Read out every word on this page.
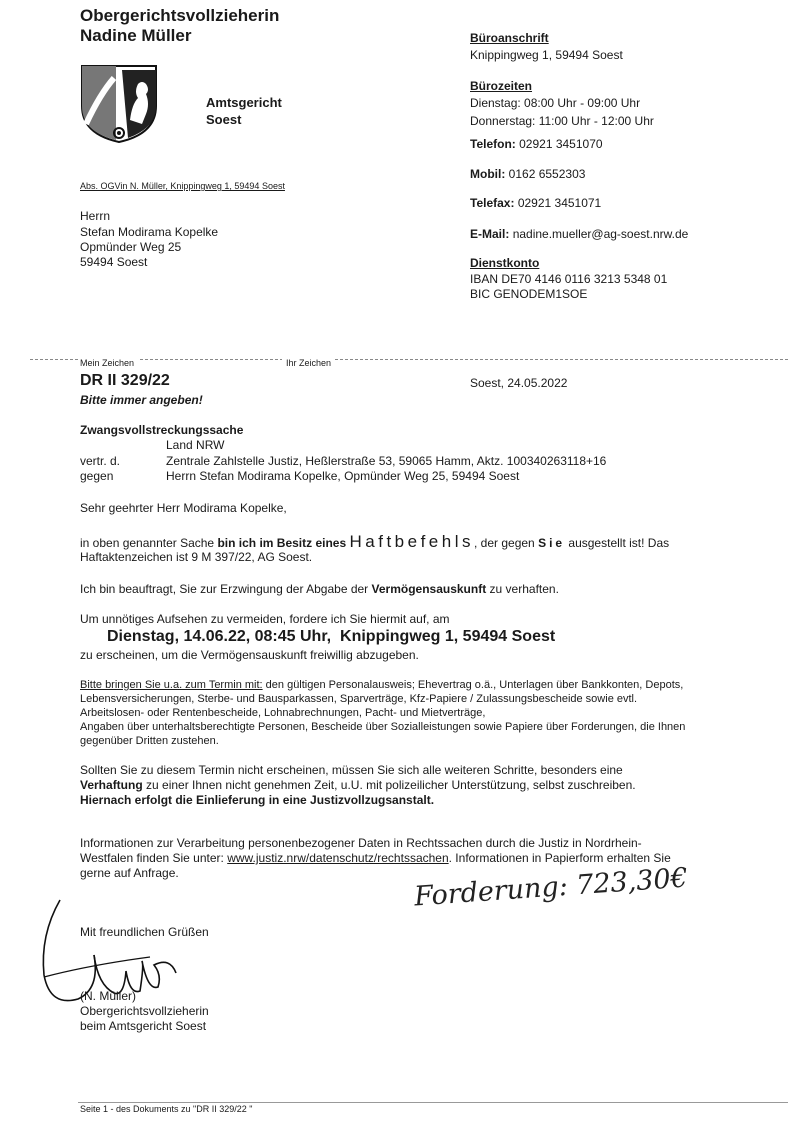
Obergerichtsvollzieherin
Nadine Müller
Amtsgericht
Soest
Büroanschrift
Knippingweg 1, 59494 Soest
Bürozeiten
Dienstag: 08:00 Uhr - 09:00 Uhr
Donnerstag: 11:00 Uhr - 12:00 Uhr
Telefon: 02921 3451070
Mobil: 0162 6552303
Telefax: 02921 3451071
E-Mail: nadine.mueller@ag-soest.nrw.de
Dienstkonto
IBAN DE70 4146 0116 3213 5348 01
BIC GENODEM1SOE
Abs. OGVin N. Müller, Knippingweg 1, 59494 Soest
Herrn
Stefan Modirama Kopelke
Opmünder Weg 25
59494 Soest
Mein Zeichen	Ihr Zeichen
DR II 329/22
Bitte immer angeben!
Soest, 24.05.2022
Zwangsvollstreckungssache
Land NRW
vertr. d.	Zentrale Zahlstelle Justiz, Heßlerstraße 53, 59065 Hamm, Aktz. 100340263118+16
gegen	Herrn Stefan Modirama Kopelke, Opmünder Weg 25, 59494 Soest
Sehr geehrter Herr Modirama Kopelke,
in oben genannter Sache bin ich im Besitz eines Haftbefehls, der gegen Sie ausgestellt ist! Das
Haftaktenzeichen ist 9 M 397/22, AG Soest.
Ich bin beauftragt, Sie zur Erzwingung der Abgabe der Vermögensauskunft zu verhaften.
Um unnötiges Aufsehen zu vermeiden, fordere ich Sie hiermit auf, am
Dienstag, 14.06.22, 08:45 Uhr, Knippingweg 1, 59494 Soest
zu erscheinen, um die Vermögensauskunft freiwillig abzugeben.
Bitte bringen Sie u.a. zum Termin mit: den gültigen Personalausweis; Ehevertrag o.ä., Unterlagen über Bankkonten, Depots,
Lebensversicherungen, Sterbe- und Bausparkassen, Sparverträge, Kfz-Papiere / Zulassungsbescheide sowie evtl.
Arbeitslosen- oder Rentenbescheide, Lohnabrechnungen, Pacht- und Mietverträge,
Angaben über unterhaltsberechtigte Personen, Bescheide über Sozialleistungen sowie Papiere über Forderungen, die Ihnen
gegenüber Dritten zustehen.
Sollten Sie zu diesem Termin nicht erscheinen, müssen Sie sich alle weiteren Schritte, besonders eine
Verhaftung zu einer Ihnen nicht genehmen Zeit, u.U. mit polizeilicher Unterstützung, selbst zuschreiben.
Hiernach erfolgt die Einlieferung in eine Justizvollzugsanstalt.
Informationen zur Verarbeitung personenbezogener Daten in Rechtssachen durch die Justiz in Nordrhein-
Westfalen finden Sie unter: www.justiz.nrw/datenschutz/rechtssachen. Informationen in Papierform erhalten Sie
gerne auf Anfrage.	Forderung: 723,30€
Mit freundlichen Grüßen
(N. Müller)
Obergerichtsvollzieherin
beim Amtsgericht Soest
Seite 1 - des Dokuments zu "DR II 329/22 "
